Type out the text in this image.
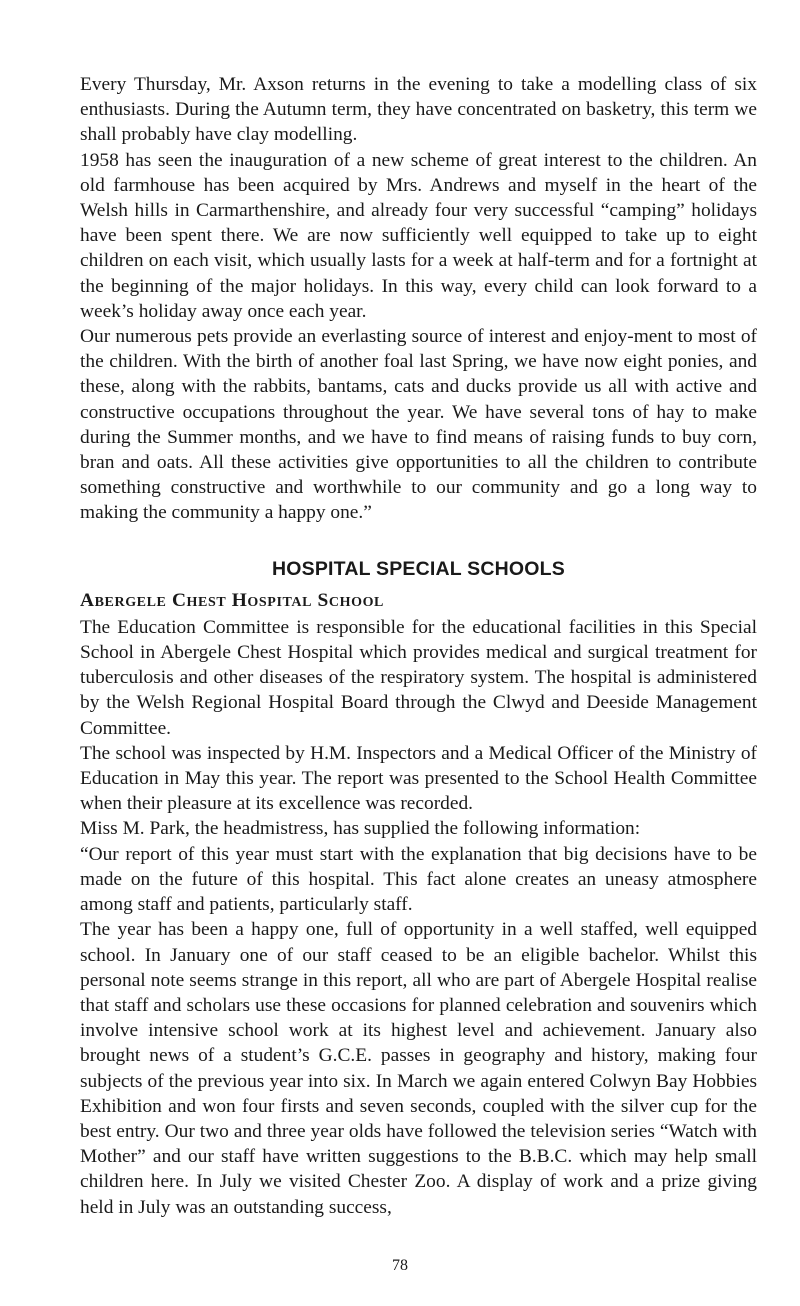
Every Thursday, Mr. Axson returns in the evening to take a modelling class of six enthusiasts. During the Autumn term, they have concentrated on basketry, this term we shall probably have clay modelling.

1958 has seen the inauguration of a new scheme of great interest to the children. An old farmhouse has been acquired by Mrs. Andrews and myself in the heart of the Welsh hills in Carmarthenshire, and already four very successful “camping” holidays have been spent there. We are now sufficiently well equipped to take up to eight children on each visit, which usually lasts for a week at half-term and for a fortnight at the beginning of the major holidays. In this way, every child can look forward to a week’s holiday away once each year.

Our numerous pets provide an everlasting source of interest and enjoy-ment to most of the children. With the birth of another foal last Spring, we have now eight ponies, and these, along with the rabbits, bantams, cats and ducks provide us all with active and constructive occupations throughout the year. We have several tons of hay to make during the Summer months, and we have to find means of raising funds to buy corn, bran and oats. All these activities give opportunities to all the children to contribute something constructive and worthwhile to our community and go a long way to making the community a happy one.”

HOSPITAL SPECIAL SCHOOLS
Abergele Chest Hospital School

The Education Committee is responsible for the educational facilities in this Special School in Abergele Chest Hospital which provides medical and surgical treatment for tuberculosis and other diseases of the respiratory system. The hospital is administered by the Welsh Regional Hospital Board through the Clwyd and Deeside Management Committee.

The school was inspected by H.M. Inspectors and a Medical Officer of the Ministry of Education in May this year. The report was presented to the School Health Committee when their pleasure at its excellence was recorded.

Miss M. Park, the headmistress, has supplied the following information:

“Our report of this year must start with the explanation that big decisions have to be made on the future of this hospital. This fact alone creates an uneasy atmosphere among staff and patients, particularly staff.

The year has been a happy one, full of opportunity in a well staffed, well equipped school. In January one of our staff ceased to be an eligible bachelor. Whilst this personal note seems strange in this report, all who are part of Abergele Hospital realise that staff and scholars use these occasions for planned celebration and souvenirs which involve intensive school work at its highest level and achievement. January also brought news of a student’s G.C.E. passes in geography and history, making four subjects of the previous year into six. In March we again entered Colwyn Bay Hobbies Exhibition and won four firsts and seven seconds, coupled with the silver cup for the best entry. Our two and three year olds have followed the television series “Watch with Mother” and our staff have written suggestions to the B.B.C. which may help small children here. In July we visited Chester Zoo. A display of work and a prize giving held in July was an outstanding success,

78
